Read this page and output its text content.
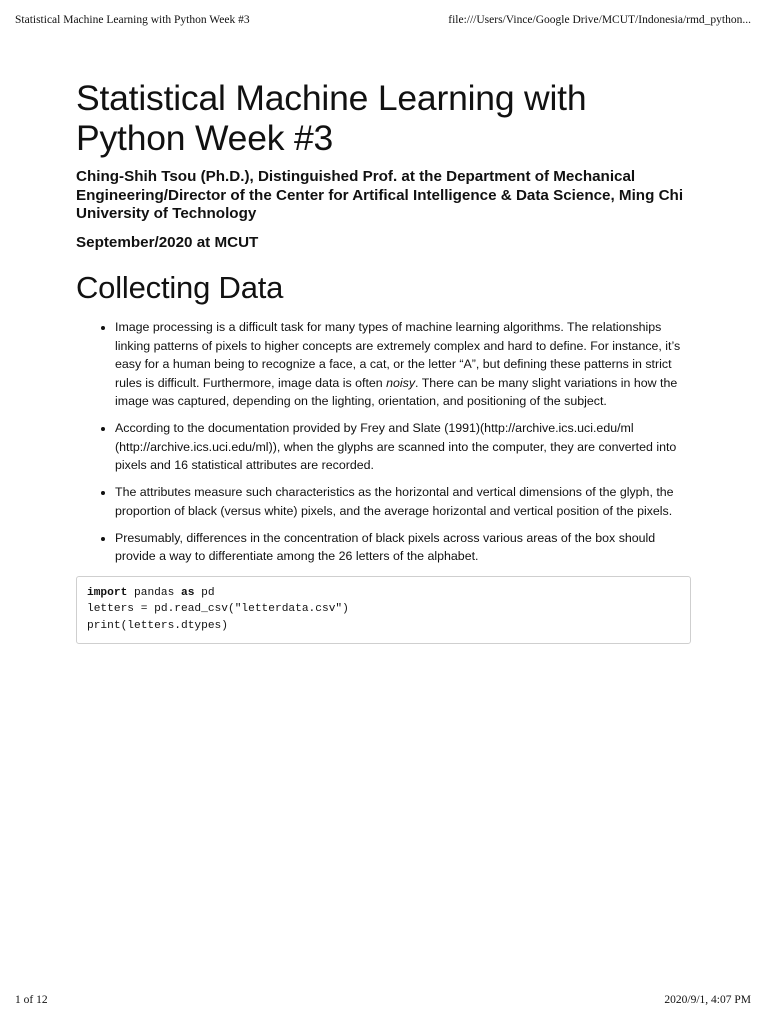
Statistical Machine Learning with Python Week #3	file:///Users/Vince/Google Drive/MCUT/Indonesia/rmd_python...
Statistical Machine Learning with
Python Week #3

Ching-Shih Tsou (Ph.D.), Distinguished Prof. at the Department of Mechanical Engineering/Director of the Center for Artifical Intelligence & Data Science, Ming Chi University of Technology

September/2020 at MCUT

Collecting Data
• Image processing is a difficult task for many types of machine learning algorithms. The relationships linking patterns of pixels to higher concepts are extremely complex and hard to define. For instance, it’s easy for a human being to recognize a face, a cat, or the letter “A”, but defining these patterns in strict rules is difficult. Furthermore, image data is often noisy. There can be many slight variations in how the image was captured, depending on the lighting, orientation, and positioning of the subject.
• According to the documentation provided by Frey and Slate (1991)(http://archive.ics.uci.edu/ml (http://archive.ics.uci.edu/ml)), when the glyphs are scanned into the computer, they are converted into pixels and 16 statistical attributes are recorded.
• The attributes measure such characteristics as the horizontal and vertical dimensions of the glyph, the proportion of black (versus white) pixels, and the average horizontal and vertical position of the pixels.
• Presumably, differences in the concentration of black pixels across various areas of the box should provide a way to differentiate among the 26 letters of the alphabet.
import pandas as pd
letters = pd.read_csv("letterdata.csv")
print(letters.dtypes)
1 of 12	2020/9/1, 4:07 PM
